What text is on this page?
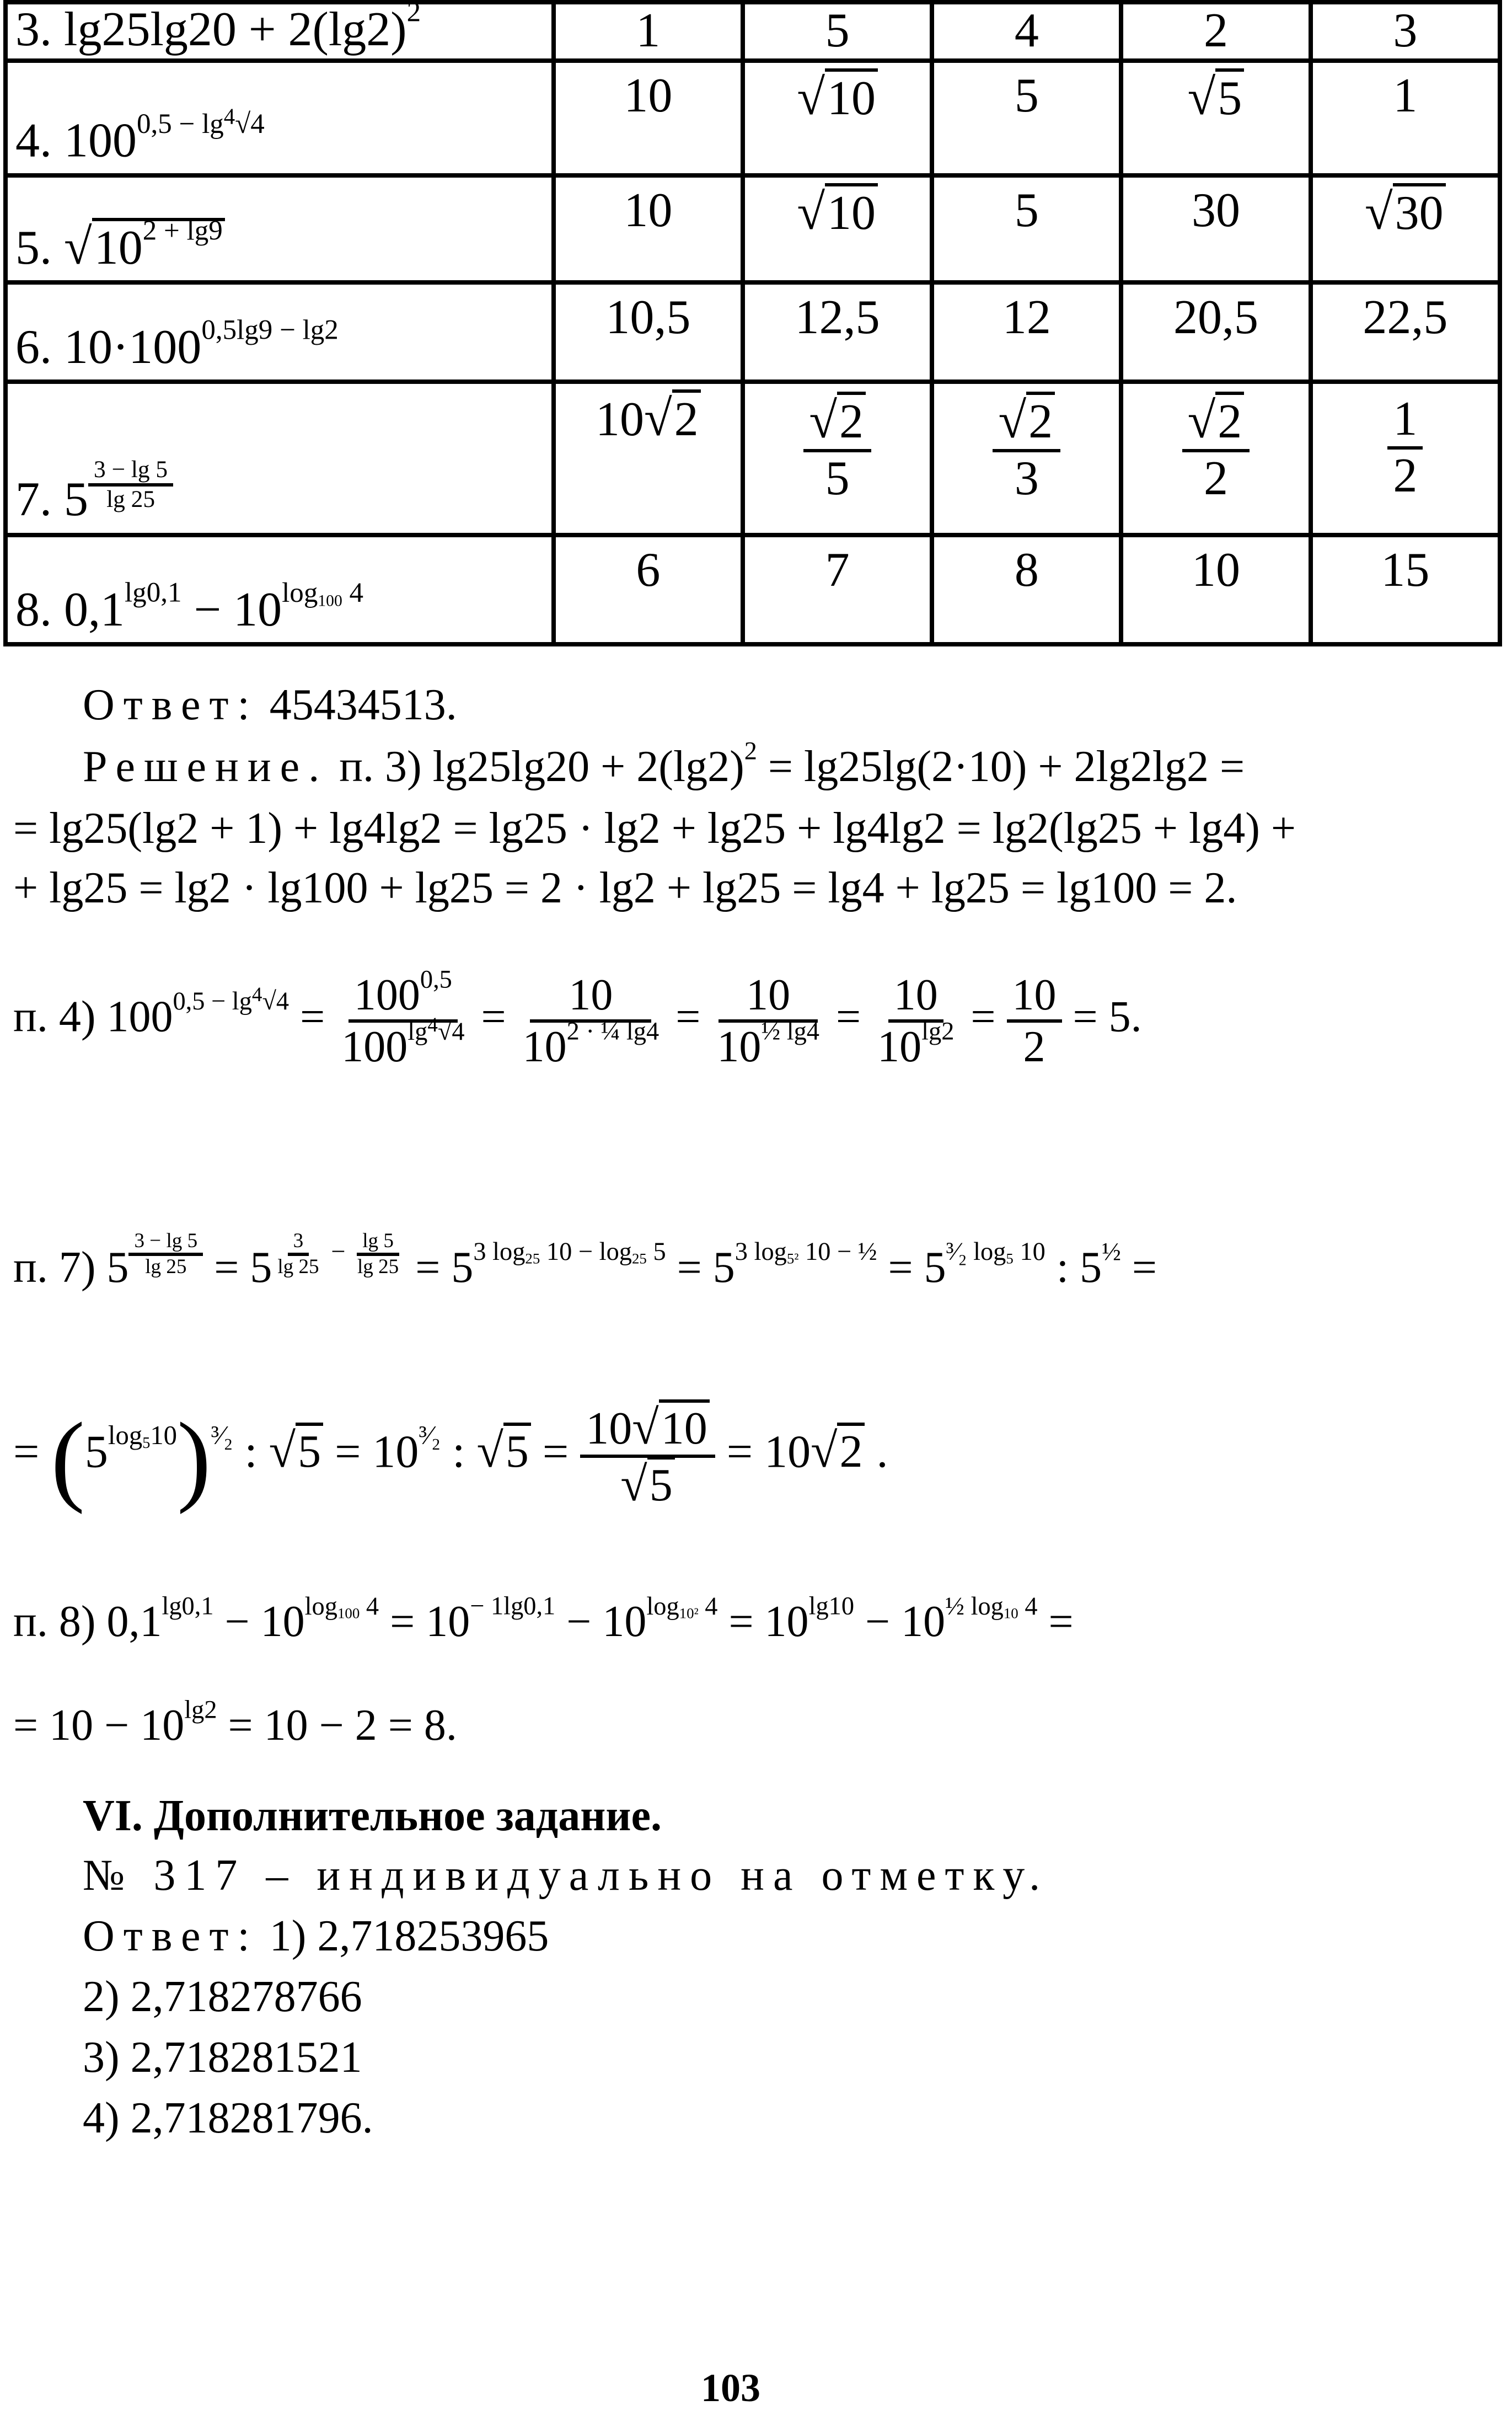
3. $\lg 25\lg 20 + 2(\lg 2)^2$	1	5	4	2	3

4. $100^{0,5 - lg^4√4}$	10	√10	5	√5	1

5. $√10^{2 + lg9}$	10	√10	5	30	√30

6. $10\cdot 100^{0,5lg9 - lg2}$	10,5	12,5	12	20,5	22,5

7. 5 $^{\frac{3 - \lg 5}{\lg 25}}$	10√2	$\frac{√2}{5}$	$\frac{√2}{3}$	$\frac{√2}{2}$	$\frac{1}{2}$

8. $0,1^{lg0,1} - 10^{log_{100} 4}$	6	7	8	10	15
Ответ: 45434513.
Решение. п. 3) $\lg 25\lg 20 + 2(\lg 2)^2 = \lg 25\lg(2\cdot 10) + 2\lg 2\lg 2$ =
= lg25(lg2 + 1) + lg4lg2 = lg25 · lg2 + lg25 + lg4lg2 = lg2(lg25 + lg4) +
+ lg25 = lg2 · lg100 + lg25 = 2 · lg2 + lg25 = lg4 + lg25 = lg100 = 2.
п. 4) $100^{0,5 - lg^4√4} = \frac{100^{0,5}}{100^{lg^4√4}} = \frac{10}{10^{2 \cdot \frac{1}{4} lg4}} = \frac{10}{10^{\frac{1}{2} lg4}} = \frac{10}{10^{lg2}} = \frac{10}{2} = 5$.
п. 7) 5 $^{\frac{3 - \lg 5}{\lg 25}}$ = 5 $^{\frac{3}{\lg 25} - \frac{\lg 5}{\lg 25}} = 5^{3 log_{25} 10 - log_{25} 5} = 5^{3 log_{5^2} 10 - \frac{1}{2}} = 5^{^3⁄_2 log_5 10}$ : $5^{\frac{1}{2}}$ =
= $(5^{log_510})^{^3⁄_2}$ : $√5 = 10^{^3⁄_2}$ : $√5 = \frac{10√10}{√5} = 10√2$ .
п. 8) $0,1^{lg0,1} - 10^{log_{100} 4} = 10^{- 1lg0,1} - 10^{log_{10^2} 4} = 10^{lg10} - 10^{\frac{1}{2} log_{10} 4}$ =
= $10 - 10^{lg2} = 10 - 2 = 8$.
VI. Дополнительное задание.
№ 317 – индивидуально на отметку.
Ответ: 1) 2,718253965
2) 2,718278766
3) 2,718281521
4) 2,718281796.
103
